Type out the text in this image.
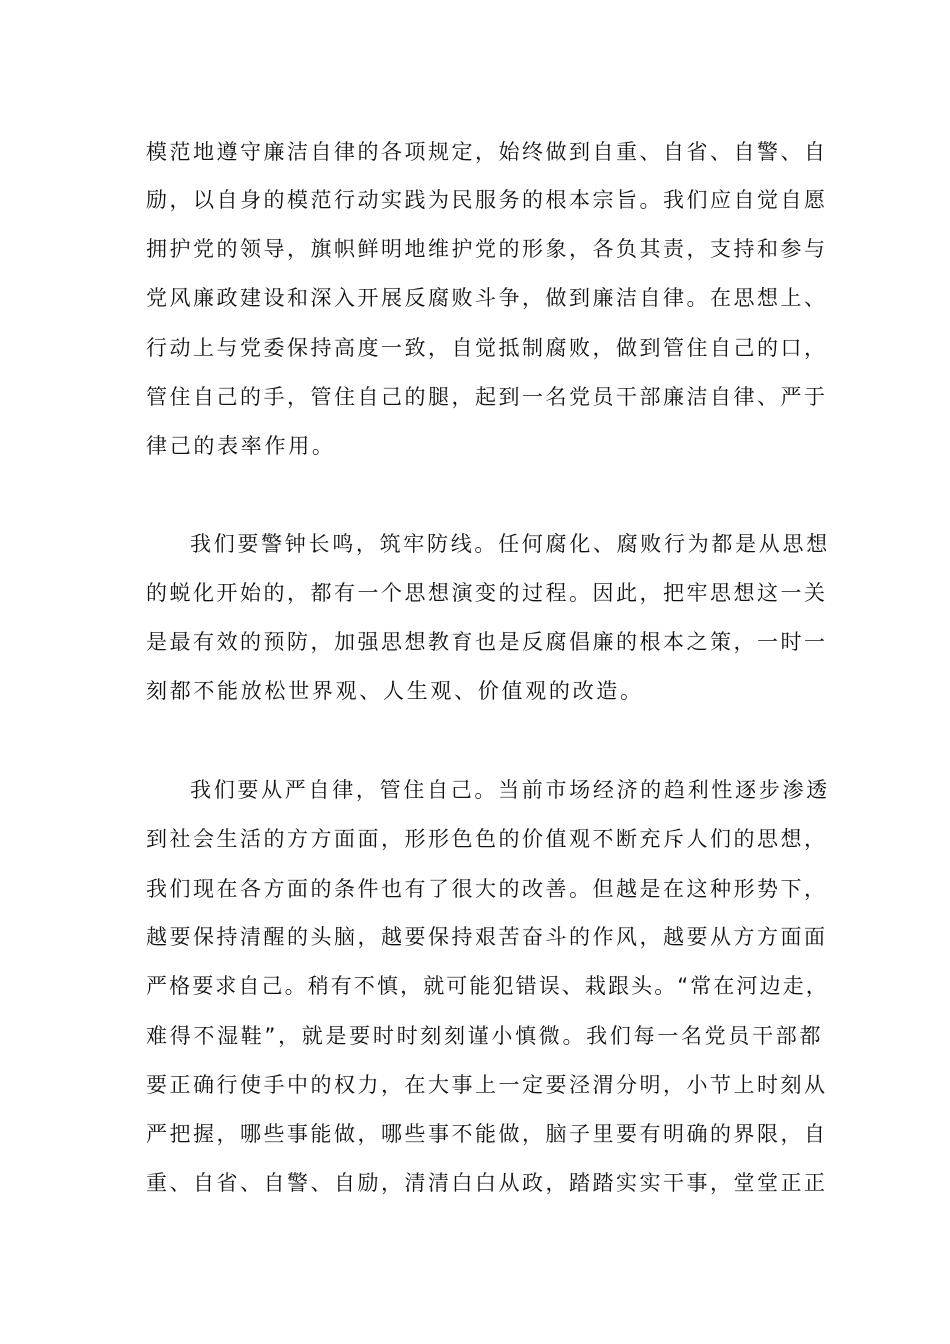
模范地遵守廉洁自律的各项规定，始终做到自重、自省、自警、自
励，以自身的模范行动实践为民服务的根本宗旨。我们应自觉自愿
拥护党的领导，旗帜鲜明地维护党的形象，各负其责，支持和参与
党风廉政建设和深入开展反腐败斗争，做到廉洁自律。在思想上、
行动上与党委保持高度一致，自觉抵制腐败，做到管住自己的口，
管住自己的手，管住自己的腿，起到一名党员干部廉洁自律、严于
律己的表率作用。
我们要警钟长鸣，筑牢防线。任何腐化、腐败行为都是从思想
的蜕化开始的，都有一个思想演变的过程。因此，把牢思想这一关
是最有效的预防，加强思想教育也是反腐倡廉的根本之策，一时一
刻都不能放松世界观、人生观、价值观的改造。
我们要从严自律，管住自己。当前市场经济的趋利性逐步渗透
到社会生活的方方面面，形形色色的价值观不断充斥人们的思想，
我们现在各方面的条件也有了很大的改善。但越是在这种形势下，
越要保持清醒的头脑，越要保持艰苦奋斗的作风，越要从方方面面
严格要求自己。稍有不慎，就可能犯错误、栽跟头。“常在河边走，
难得不湿鞋”，就是要时时刻刻谨小慎微。我们每一名党员干部都
要正确行使手中的权力，在大事上一定要泾渭分明，小节上时刻从
严把握，哪些事能做，哪些事不能做，脑子里要有明确的界限，自
重、自省、自警、自励，清清白白从政，踏踏实实干事，堂堂正正
